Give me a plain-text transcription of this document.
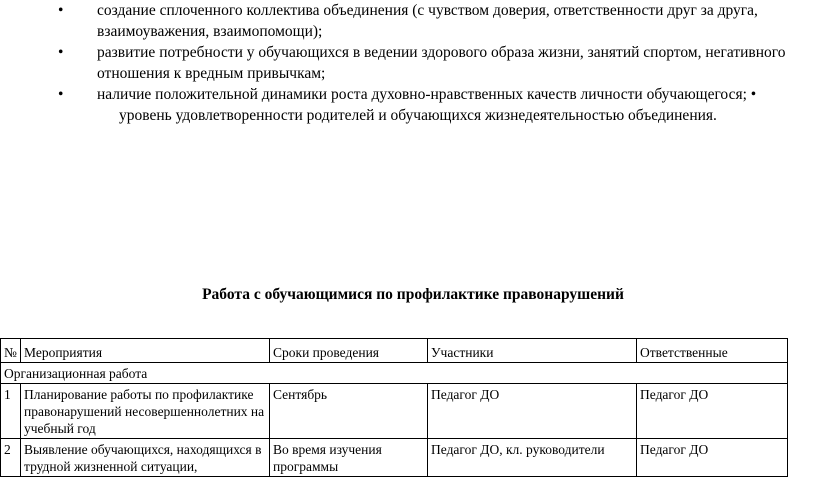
• создание сплоченного коллектива объединения (с чувством доверия, ответственности друг за друга,
взаимоуважения, взаимопомощи);
• развитие потребности у обучающихся в ведении здорового образа жизни, занятий спортом, негативного
отношения к вредным привычкам;
• наличие положительной динамики роста духовно-нравственных качеств личности обучающегося; •
уровень удовлетворенности родителей и обучающихся жизнедеятельностью объединения.
Работа с обучающимися по профилактике правонарушений
№	Мероприятия	Сроки проведения	Участники	Ответственные
Организационная работа				
1	Планирование работы по профилактике правонарушений несовершеннолетних на учебный год	Сентябрь	Педагог ДО	Педагог ДО
2	Выявление обучающихся, находящихся в трудной жизненной ситуации,	Во время изучения программы	Педагог ДО, кл. руководители	Педагог ДО
